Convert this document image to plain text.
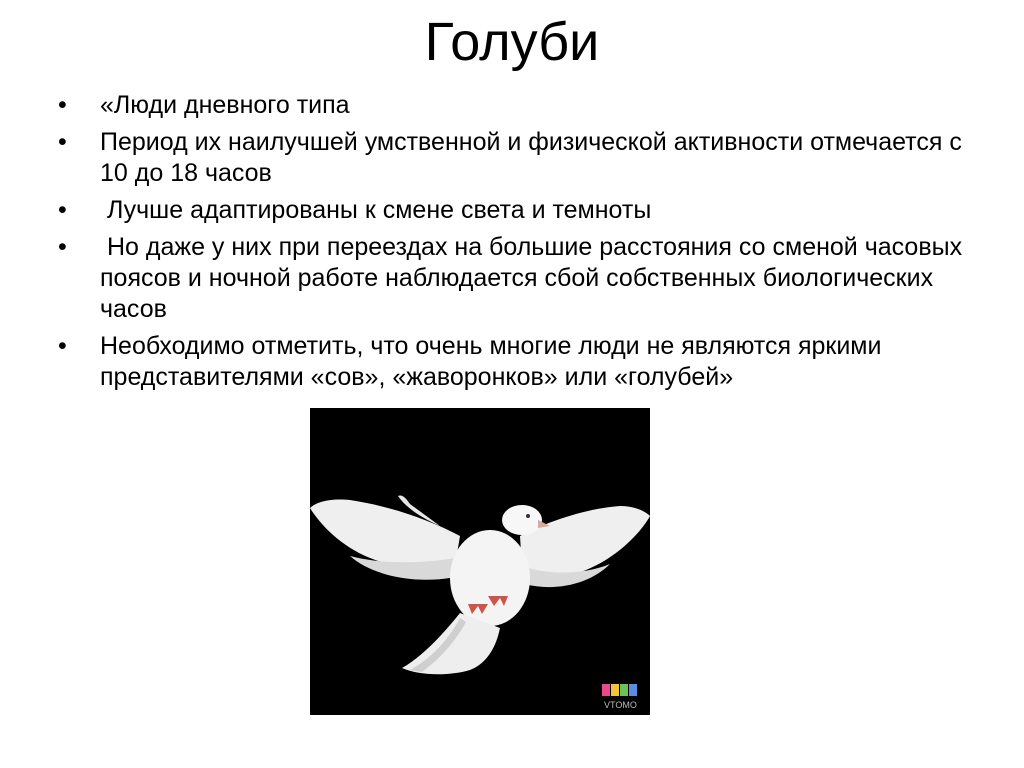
Голуби
•	«Люди дневного типа
•	Период их наилучшей умственной и физической активности отмечается с 10 до 18 часов
•	Лучше адаптированы к смене света и темноты
•	Но даже у них при переездах на большие расстояния со сменой часовых поясов и ночной работе наблюдается сбой собственных биологических часов
•	Необходимо отметить, что очень многие люди не являются яркими представителями «сов», «жаворонков» или «голубей»
VTOMO
